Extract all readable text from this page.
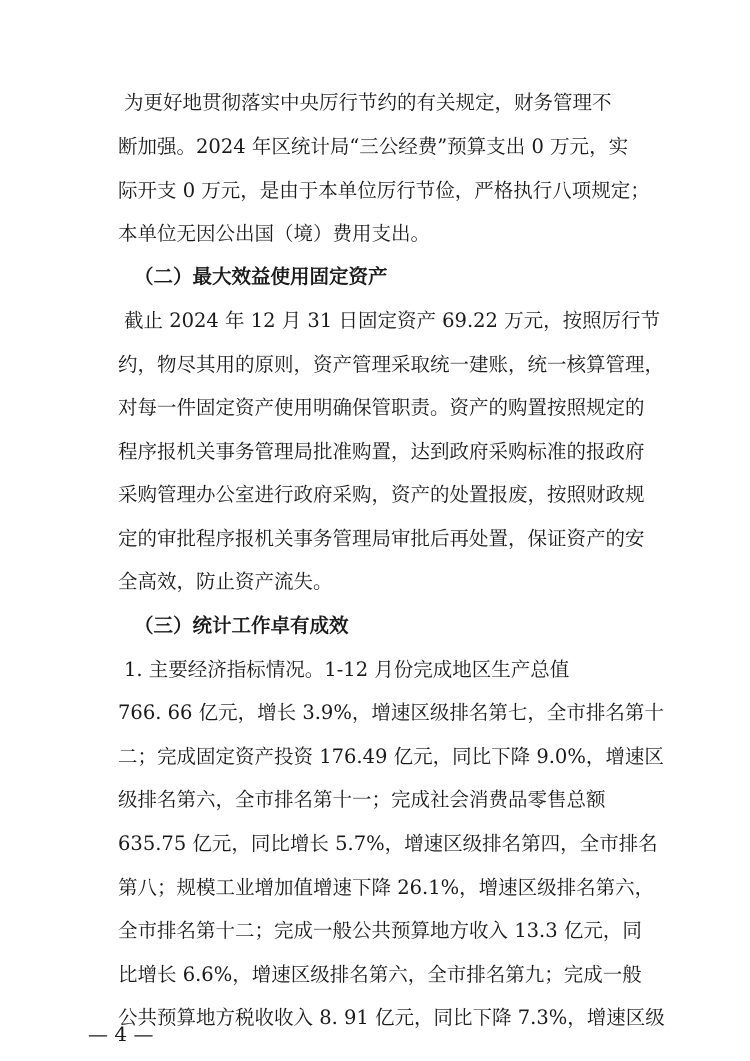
为更好地贯彻落实中央厉行节约的有关规定，财务管理不
断加强。2024 年区统计局“三公经费”预算支出 0 万元，实
际开支 0 万元，是由于本单位厉行节俭，严格执行八项规定；
本单位无因公出国（境）费用支出。
（二）最大效益使用固定资产
截止 2024 年 12 月 31 日固定资产 69.22 万元，按照厉行节
约，物尽其用的原则，资产管理采取统一建账，统一核算管理，
对每一件固定资产使用明确保管职责。资产的购置按照规定的
程序报机关事务管理局批准购置，达到政府采购标准的报政府
采购管理办公室进行政府采购，资产的处置报废，按照财政规
定的审批程序报机关事务管理局审批后再处置，保证资产的安
全高效，防止资产流失。
（三）统计工作卓有成效
1. 主要经济指标情况。1-12 月份完成地区生产总值
766. 66 亿元，增长 3.9%，增速区级排名第七，全市排名第十
二；完成固定资产投资 176.49 亿元，同比下降 9.0%，增速区
级排名第六，全市排名第十一；完成社会消费品零售总额
635.75 亿元，同比增长 5.7%，增速区级排名第四，全市排名
第八；规模工业增加值增速下降 26.1%，增速区级排名第六，
全市排名第十二；完成一般公共预算地方收入 13.3 亿元，同
比增长 6.6%，增速区级排名第六，全市排名第九；完成一般
公共预算地方税收收入 8. 91 亿元，同比下降 7.3%，增速区级
— 4 —
